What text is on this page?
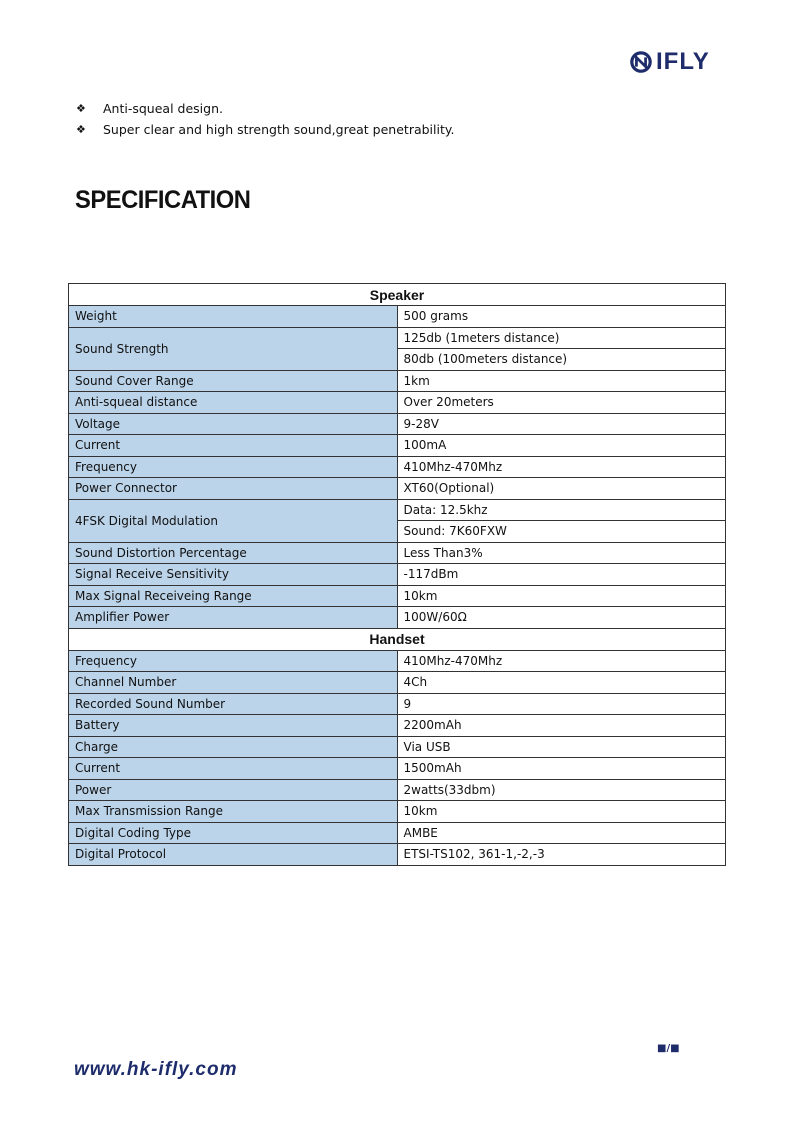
IFLY
❖	Anti-squeal design.
❖	Super clear and high strength sound,great penetrability.
SPECIFICATION
Speaker	
Weight	500 grams
Sound Strength	125db (1meters distance)
	80db (100meters distance)
Sound Cover Range	1km
Anti-squeal distance	Over 20meters
Voltage	9-28V
Current	100mA
Frequency	410Mhz-470Mhz
Power Connector	XT60(Optional)
4FSK Digital Modulation	Data: 12.5khz
	Sound: 7K60FXW
Sound Distortion Percentage	Less Than3%
Signal Receive Sensitivity	-117dBm
Max Signal Receiveing Range	10km
Amplifier Power	100W/60Ω
Handset	
Frequency	410Mhz-470Mhz
Channel Number	4Ch
Recorded Sound Number	9
Battery	2200mAh
Charge	Via USB
Current	1500mAh
Power	2watts(33dbm)
Max Transmission Range	10km
Digital Coding Type	AMBE
Digital Protocol	ETSI-TS102, 361-1,-2,-3
■/■
www.hk-ifly.com
